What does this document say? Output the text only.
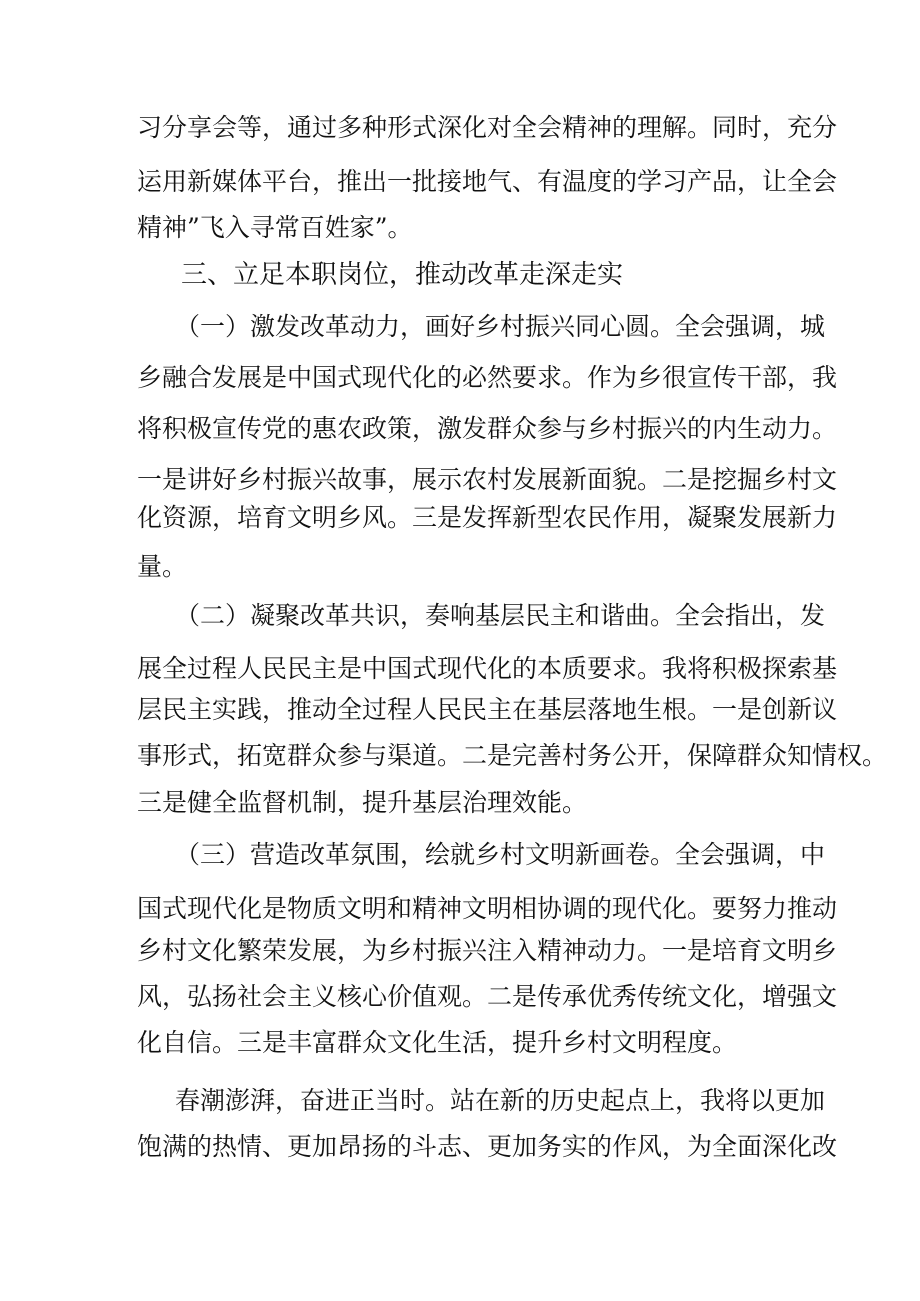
习分享会等，通过多种形式深化对全会精神的理解。同时，充分
运用新媒体平台，推出一批接地气、有温度的学习产品，让全会
精神”飞入寻常百姓家”。
三、立足本职岗位，推动改革走深走实
（一）激发改革动力，画好乡村振兴同心圆。全会强调，城
乡融合发展是中国式现代化的必然要求。作为乡很宣传干部，我
将积极宣传党的惠农政策，激发群众参与乡村振兴的内生动力。
一是讲好乡村振兴故事，展示农村发展新面貌。二是挖掘乡村文
化资源，培育文明乡风。三是发挥新型农民作用，凝聚发展新力
量。
（二）凝聚改革共识，奏响基层民主和谐曲。全会指出，发
展全过程人民民主是中国式现代化的本质要求。我将积极探索基
层民主实践，推动全过程人民民主在基层落地生根。一是创新议
事形式，拓宽群众参与渠道。二是完善村务公开，保障群众知情权。
三是健全监督机制，提升基层治理效能。
（三）营造改革氛围，绘就乡村文明新画卷。全会强调，中
国式现代化是物质文明和精神文明相协调的现代化。要努力推动
乡村文化繁荣发展，为乡村振兴注入精神动力。一是培育文明乡
风，弘扬社会主义核心价值观。二是传承优秀传统文化，增强文
化自信。三是丰富群众文化生活，提升乡村文明程度。
春潮澎湃，奋进正当时。站在新的历史起点上，我将以更加
饱满的热情、更加昂扬的斗志、更加务实的作风，为全面深化改
